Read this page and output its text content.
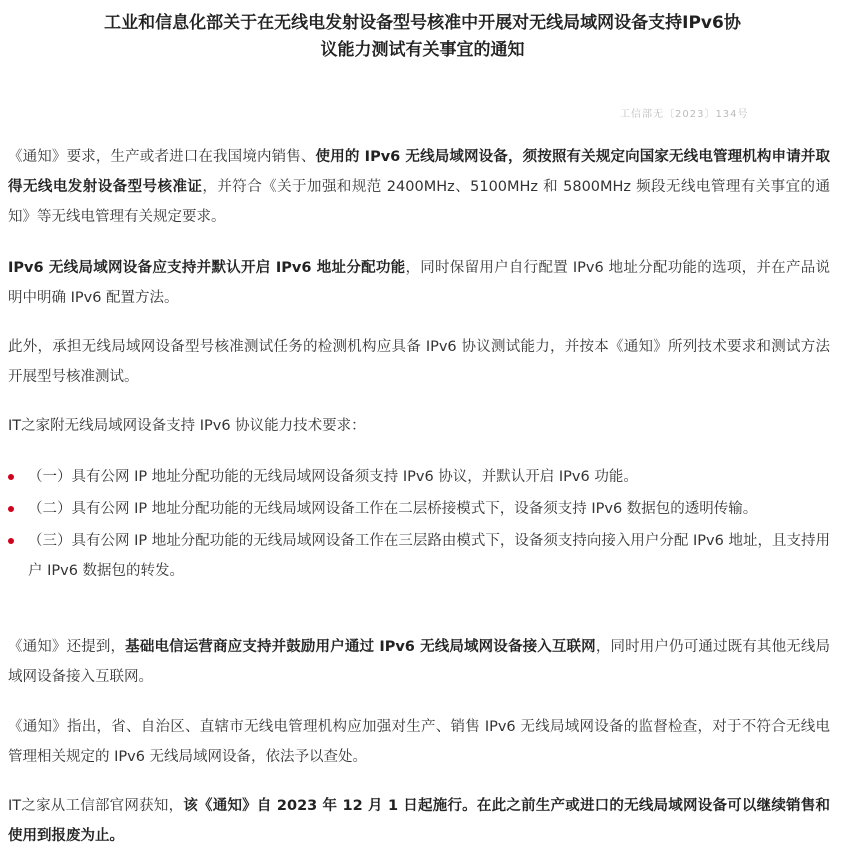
工业和信息化部关于在无线电发射设备型号核准中开展对无线局域网设备支持IPv6协
议能力测试有关事宜的通知
工信部无〔2023〕134号

《通知》要求，生产或者进口在我国境内销售、使用的 IPv6 无线局域网设备，须按照有关规定向国家无线电管理机构申请并取得无线电发射设备型号核准证，并符合《关于加强和规范 2400MHz、5100MHz 和 5800MHz 频段无线电管理有关事宜的通知》等无线电管理有关规定要求。

IPv6 无线局域网设备应支持并默认开启 IPv6 地址分配功能，同时保留用户自行配置 IPv6 地址分配功能的选项，并在产品说明中明确 IPv6 配置方法。

此外，承担无线局域网设备型号核准测试任务的检测机构应具备 IPv6 协议测试能力，并按本《通知》所列技术要求和测试方法开展型号核准测试。

IT之家附无线局域网设备支持 IPv6 协议能力技术要求：

（一）具有公网 IP 地址分配功能的无线局域网设备须支持 IPv6 协议，并默认开启 IPv6 功能。
（二）具有公网 IP 地址分配功能的无线局域网设备工作在二层桥接模式下，设备须支持 IPv6 数据包的透明传输。
（三）具有公网 IP 地址分配功能的无线局域网设备工作在三层路由模式下，设备须支持向接入用户分配 IPv6 地址，且支持用户 IPv6 数据包的转发。

《通知》还提到，基础电信运营商应支持并鼓励用户通过 IPv6 无线局域网设备接入互联网，同时用户仍可通过既有其他无线局域网设备接入互联网。

《通知》指出，省、自治区、直辖市无线电管理机构应加强对生产、销售 IPv6 无线局域网设备的监督检查，对于不符合无线电管理相关规定的 IPv6 无线局域网设备，依法予以查处。

IT之家从工信部官网获知，该《通知》自 2023 年 12 月 1 日起施行。在此之前生产或进口的无线局域网设备可以继续销售和使用到报废为止。
